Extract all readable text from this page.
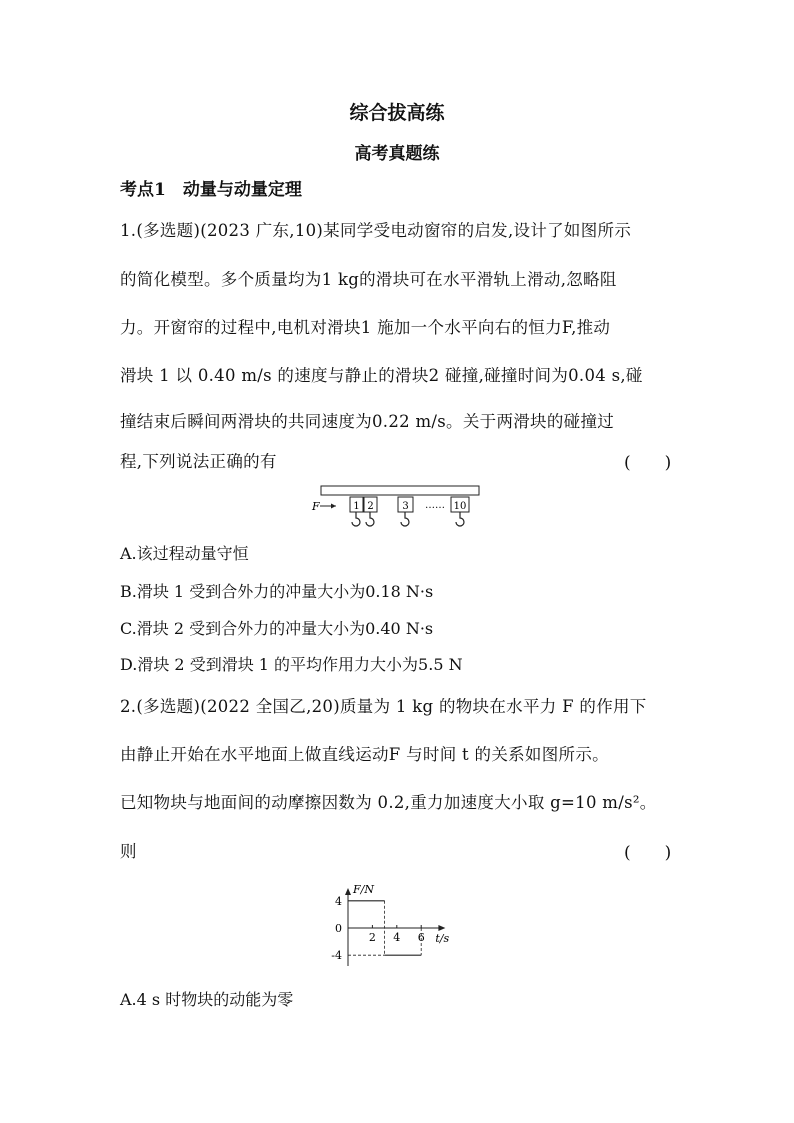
综合拔高练
高考真题练
考点1　动量与动量定理
1.(多选题)(2023 广东,10)某同学受电动窗帘的启发,设计了如图所示
的简化模型。多个质量均为1 kg的滑块可在水平滑轨上滑动,忽略阻
力。开窗帘的过程中,电机对滑块1 施加一个水平向右的恒力F,推动
滑块 1 以 0.40 m/s 的速度与静止的滑块2 碰撞,碰撞时间为0.04 s,碰
撞结束后瞬间两滑块的共同速度为0.22 m/s。关于两滑块的碰撞过
程,下列说法正确的有	(　　)
F	1 2	3 …… 10
A.该过程动量守恒
B.滑块 1 受到合外力的冲量大小为0.18 N·s
C.滑块 2 受到合外力的冲量大小为0.40 N·s
D.滑块 2 受到滑块 1 的平均作用力大小为5.5 N
2.(多选题)(2022 全国乙,20)质量为 1 kg 的物块在水平力 F 的作用下
由静止开始在水平地面上做直线运动F 与时间 t 的关系如图所示。
已知物块与地面间的动摩擦因数为 0.2,重力加速度大小取 g=10 m/s²。
则	(　　)
2 4 6
4
0
-4
F/N
t/s
A.4 s 时物块的动能为零
